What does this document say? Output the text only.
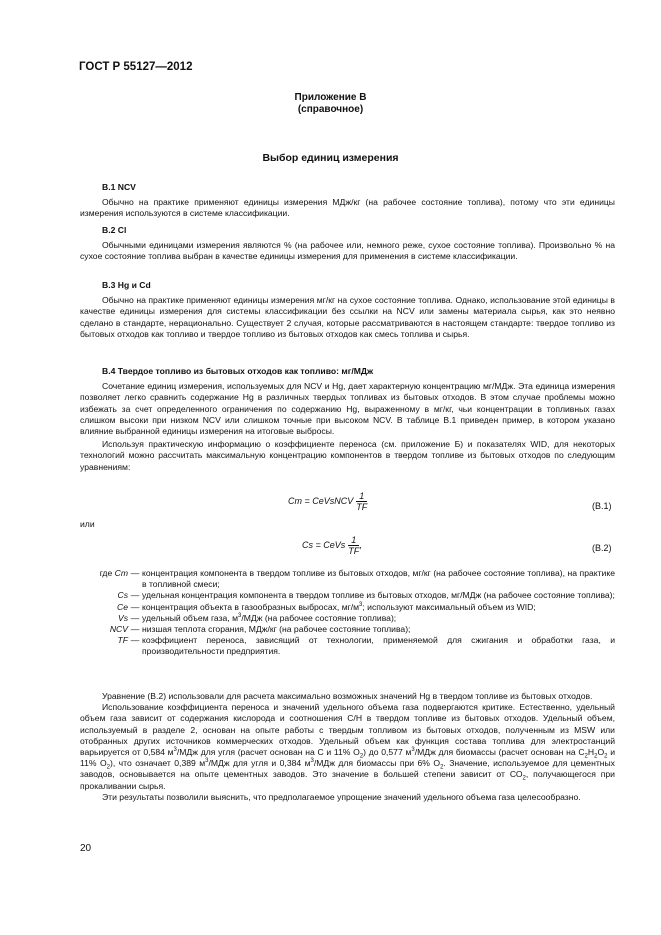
ГОСТ Р 55127—2012
Приложение В
(справочное)
Выбор единиц измерения
В.1 NCV

Обычно на практике применяют единицы измерения МДж/кг (на рабочее состояние топлива), потому что эти единицы измерения используются в системе классификации.

В.2 Cl

Обычными единицами измерения являются % (на рабочее или, немного реже, сухое состояние топлива). Произвольно % на сухое состояние топлива выбран в качестве единицы измерения для применения в системе классификации.

В.3 Hg и Cd

Обычно на практике применяют единицы измерения мг/кг на сухое состояние топлива. Однако, использование этой единицы в качестве единицы измерения для системы классификации без ссылки на NCV или замены материала сырья, как это неявно сделано в стандарте, нерационально. Существует 2 случая, которые рассматриваются в настоящем стандарте: твердое топливо из бытовых отходов как топливо и твердое топливо из бытовых отходов как смесь топлива и сырья.

В.4 Твердое топливо из бытовых отходов как топливо: мг/МДж

Сочетание единиц измерения, используемых для NCV и Hg, дает характерную концентрацию мг/МДж. Эта единица измерения позволяет легко сравнить содержание Hg в различных твердых топливах из бытовых отходов. В этом случае проблемы можно избежать за счет определенного ограничения по содержанию Hg, выраженному в мг/кг, чьи концентрации в топливных газах слишком высоки при низком NCV или слишком точные при высоком NCV. В таблице В.1 приведен пример, в котором указано влияние выбранной единицы измерения на итоговые выбросы.

Используя практическую информацию о коэффициенте переноса (см. приложение Б) и показателях WID, для некоторых технологий можно рассчитать максимальную концентрацию компонентов в твердом топливе из бытовых отходов по следующим уравнениям:

Cm = CeVsNCV $\frac{1}{TF}$	(В.1)
или
Cs = CeVs $\frac{1}{TF}$ ,	(В.2)
где Cm — концентрация компонента в твердом топливе из бытовых отходов, мг/кг (на рабочее состояние топлива), на практике в топливной смеси;
Cs — удельная концентрация компонента в твердом топливе из бытовых отходов, мг/МДж (на рабочее состояние топлива);
Ce — концентрация объекта в газообразных выбросах, $мг/м^3$; используют максимальный объем из WID;
Vs — удельный объем газа, $м^3$/МДж (на рабочее состояние топлива);
NCV — низшая теплота сгорания, МДж/кг (на рабочее состояние топлива);
TF — коэффициент переноса, зависящий от технологии, применяемой для сжигания и обработки газа, и производительности предприятия.

Уравнение (В.2) использовали для расчета максимально возможных значений Hg в твердом топливе из бытовых отходов.

Использование коэффициента переноса и значений удельного объема газа подвергаются критике. Естественно, удельный объем газа зависит от содержания кислорода и соотношения С/Н в твердом топливе из бытовых отходов. Удельный объем, используемый в разделе 2, основан на опыте работы с твердым топливом из бытовых отходов, полученным из MSW или отобранных других источников коммерческих отходов. Удельный объем как функция состава топлива для электростанций варьируется от 0,584 $м^3$/МДж для угля (расчет основан на С и 11% $О_2$) до 0,577 $м^3$/МДж для биомассы (расчет основан на $С_2Н_2О_2$ и 11% $О_2$), что означает 0,389 $м^3$/МДж для угля и 0,384 $м^3$/МДж для биомассы при 6% $О_2$. Значение, используемое для цементных заводов, основывается на опыте цементных заводов. Это значение в большей степени зависит от $СО_2$, получающегося при прокаливании сырья.

Эти результаты позволили выяснить, что предполагаемое упрощение значений удельного объема газа целесообразно.

20
